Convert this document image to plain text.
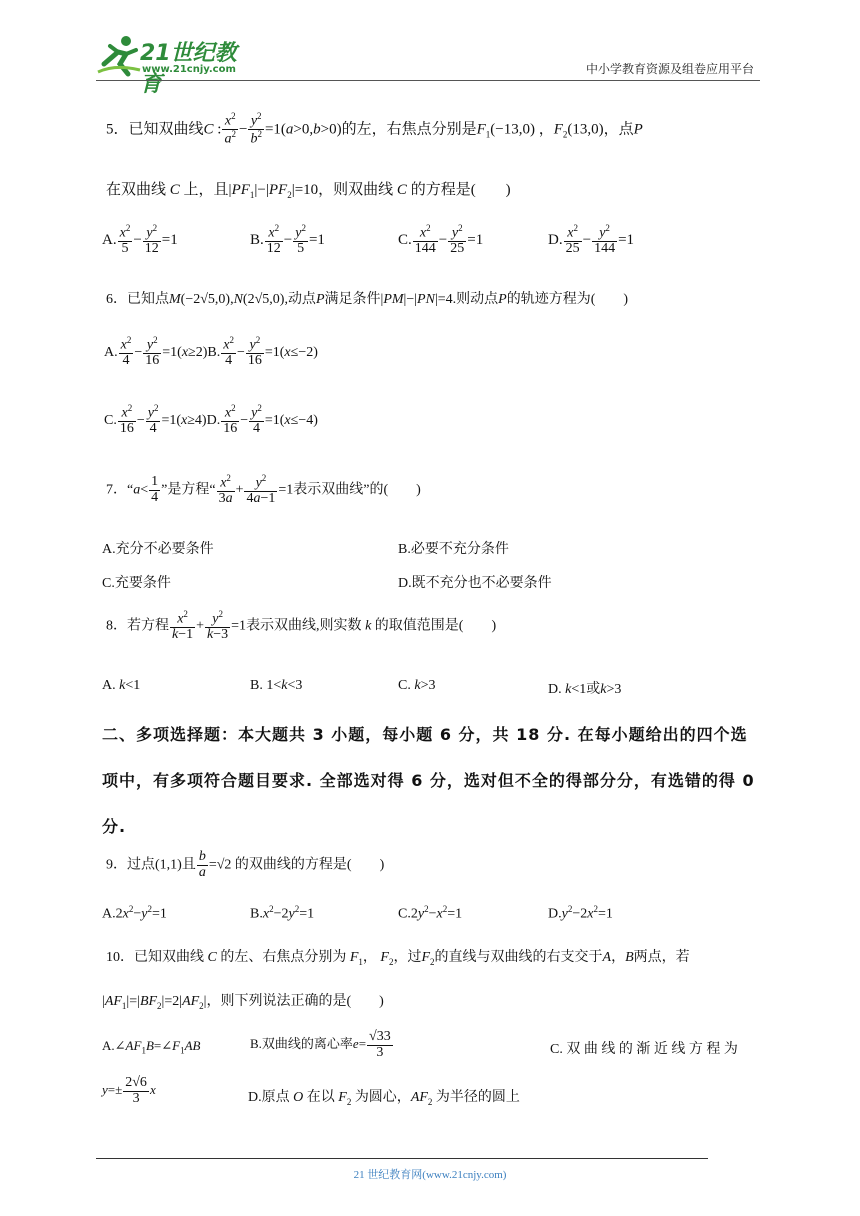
21世纪教育
www.21cnjy.com	中小学教育资源及组卷应用平台
5．已知双曲线C : $\frac{x^2}{a^2} - \frac{y^2}{b^2} =1(a>0,b>0)$的左，右焦点分别是$F_1(-13,0)$ ，$F_2(13,0)$，点P
在双曲线 C 上，且$|PF_1|-|PF_2|=10$，则双曲线 C 的方程是(　　)
A. $\frac{x^2}{5} - \frac{y^2}{12} =1$	B. $\frac{x^2}{12} - \frac{y^2}{5} =1$	C. $\frac{x^2}{144} - \frac{y^2}{25} =1$	D. $\frac{x^2}{25} - \frac{y^2}{144} =1$
6．已知点M(−2√5,0),N(2√5,0),动点P满足条件|PM|−|PN|=4.则动点P的轨迹方程为(　　)
A. $\frac{x^2}{4} - \frac{y^2}{16} =1(x\ge 2)B$. $\frac{x^2}{4} - \frac{y^2}{16} =1(x\le-2)$
C. $\frac{x^2}{16} - \frac{y^2}{4} =1(x\ge 4)D$. $\frac{x^2}{16} - \frac{y^2}{4} =1(x\le-4)$
7．“$a< \frac{1}{4}$ ”是方程“ $\frac{x^2}{3a} + \frac{y^2}{4a-1} =1$表示双曲线”的(　　)
A.充分不必要条件	B.必要不充分条件
C.充要条件	D.既不充分也不必要条件
8．若方程 $\frac{x^2}{k-1} + \frac{y^2}{k-3} =1$表示双曲线,则实数 k 的取值范围是(　　)
A. k<1	B. 1<k<3	C. k>3	D. k<1或k>3
二、多项选择题：本大题共 3 小题，每小题 6 分，共 18 分. 在每小题给出的四个选
项中，有多项符合题目要求. 全部选对得 6 分，选对但不全的得部分分，有选错的得 0
分.
9．过点(1,1)且 $\frac{b}{a} =√2$ 的双曲线的方程是(　　)
$A.2x^2-y^2=1$	$B.x^2-2y^2=1$	$C.2y^2-x^2=1$	$D.y^2-2x^2=1$
10．已知双曲线 C 的左、右焦点分别为 $F_1$， $F_2$，过$F_2$的直线与双曲线的右支交于A，B两点，若
$|AF_1|=|BF_2|=2|AF_2|$，则下列说法正确的是(　　)
$A.\angle AF_1B=\angle F_1AB$	B.双曲线的离心率$e= \frac{√33}{3}$	C. 双 曲 线 的 渐 近 线 方 程 为
$y=\pm \frac{2√6}{3}$ x
D.原点 O 在以 $F_2$ 为圆心，$AF_2$ 为半径的圆上
21 世纪教育网(www.21cnjy.com)
